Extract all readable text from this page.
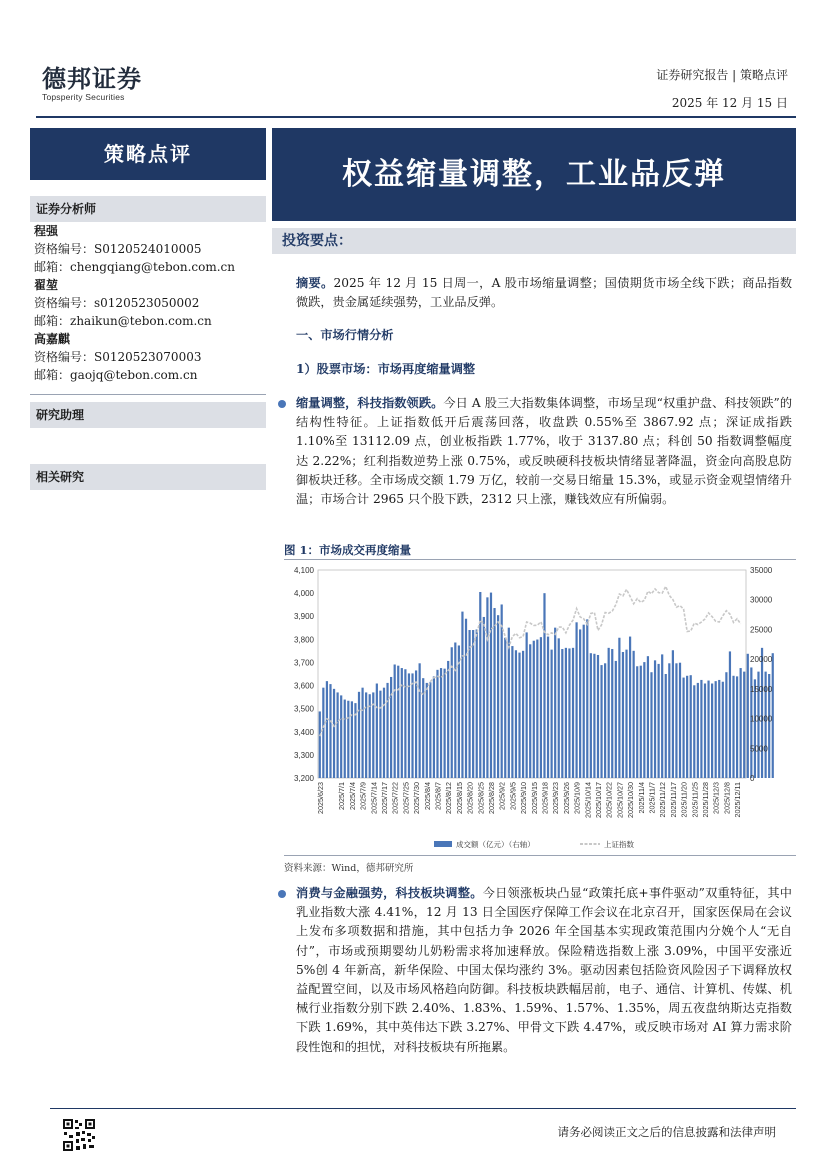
德邦证券
Topsperity Securities
证券研究报告 | 策略点评
2025 年 12 月 15 日
策略点评
权益缩量调整，工业品反弹
证券分析师
程强
资格编号：S0120524010005
邮箱：chengqiang@tebon.com.cn
翟堃
资格编号：s0120523050002
邮箱：zhaikun@tebon.com.cn
高嘉麒
资格编号：S0120523070003
邮箱：gaojq@tebon.com.cn
研究助理
相关研究
投资要点：
摘要。2025 年 12 月 15 日周一，A 股市场缩量调整；国债期货市场全线下跌；商品指数微跌，贵金属延续强势，工业品反弹。
一、市场行情分析
1）股票市场：市场再度缩量调整
缩量调整，科技指数领跌。今日 A 股三大指数集体调整，市场呈现“权重护盘、科技领跌”的结构性特征。上证指数低开后震荡回落，收盘跌 0.55%至 3867.92 点；深证成指跌 1.10%至 13112.09 点，创业板指跌 1.77%，收于 3137.80 点；科创 50 指数调整幅度达 2.22%；红利指数逆势上涨 0.75%，或反映硬科技板块情绪显著降温，资金向高股息防御板块迁移。全市场成交额 1.79 万亿，较前一交易日缩量 15.3%，或显示资金观望情绪升温；市场合计 2965 只个股下跌，2312 只上涨，赚钱效应有所偏弱。
图 1：市场成交再度缩量
3,200
3,300
3,400
3,500
3,600
3,700
3,800
3,900
4,000
4,100
0
5000
10000
15000
20000
25000
30000
35000
2025/6/23 2025/7/1 2025/7/4 2025/7/9 2025/7/14 2025/7/17 2025/7/22 2025/7/25 2025/7/30 2025/8/4 2025/8/7 2025/8/12 2025/8/15 2025/8/20 2025/8/25 2025/8/28 2025/9/2 2025/9/5 2025/9/10 2025/9/15 2025/9/18 2025/9/23 2025/9/26 2025/10/9 2025/10/14 2025/10/17 2025/10/22 2025/10/27 2025/10/30 2025/11/4 2025/11/7 2025/11/12 2025/11/17 2025/11/20 2025/11/25 2025/11/28 2025/12/3 2025/12/8 2025/12/11
成交额（亿元）（右轴）	上证指数
资料来源：Wind，德邦研究所
消费与金融强势，科技板块调整。今日领涨板块凸显“政策托底+事件驱动”双重特征，其中乳业指数大涨 4.41%，12 月 13 日全国医疗保障工作会议在北京召开，国家医保局在会议上发布多项数据和措施，其中包括力争 2026 年全国基本实现政策范围内分娩个人“无自付”，市场或预期婴幼儿奶粉需求将加速释放。保险精选指数上涨 3.09%，中国平安涨近 5%创 4 年新高，新华保险、中国太保均涨约 3%。驱动因素包括险资风险因子下调释放权益配置空间，以及市场风格趋向防御。科技板块跌幅居前，电子、通信、计算机、传媒、机械行业指数分别下跌 2.40%、1.83%、1.59%、1.57%、1.35%，周五夜盘纳斯达克指数下跌 1.69%，其中英伟达下跌 3.27%、甲骨文下跌 4.47%，或反映市场对 AI 算力需求阶段性饱和的担忧，对科技板块有所拖累。
请务必阅读正文之后的信息披露和法律声明
